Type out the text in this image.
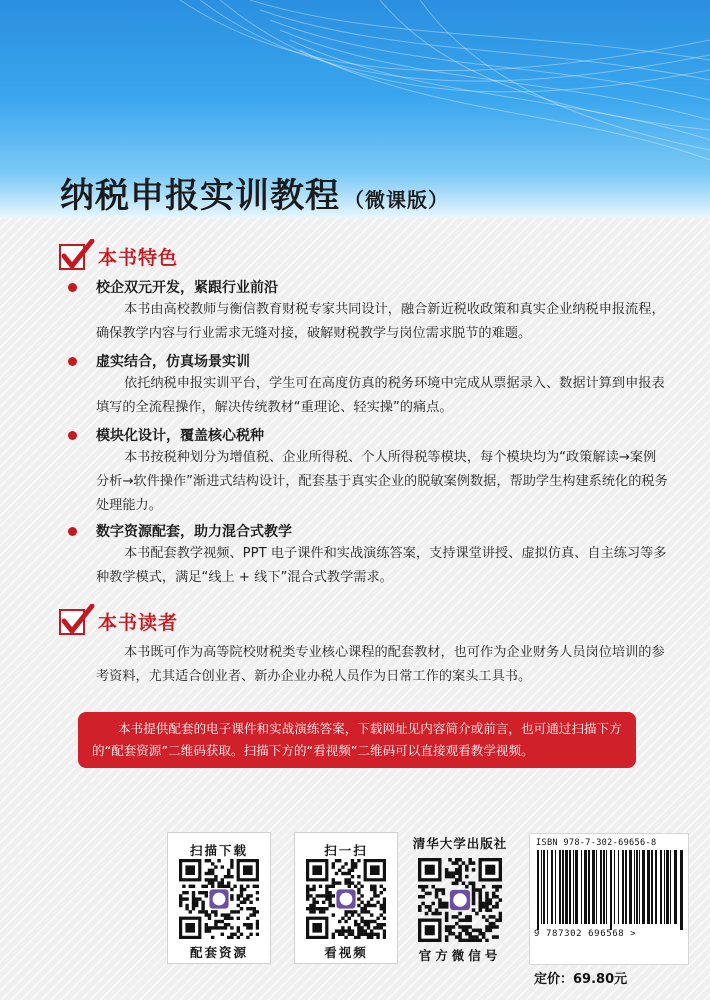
纳税申报实训教程 （微课版）
本书特色
校企双元开发，紧跟行业前沿
本书由高校教师与衡信教育财税专家共同设计，融合新近税收政策和真实企业纳税申报流程，确保教学内容与行业需求无缝对接，破解财税教学与岗位需求脱节的难题。
虚实结合，仿真场景实训
依托纳税申报实训平台，学生可在高度仿真的税务环境中完成从票据录入、数据计算到申报表填写的全流程操作，解决传统教材“重理论、轻实操”的痛点。
模块化设计，覆盖核心税种
本书按税种划分为增值税、企业所得税、个人所得税等模块，每个模块均为“政策解读→案例分析→软件操作”渐进式结构设计，配套基于真实企业的脱敏案例数据，帮助学生构建系统化的税务处理能力。
数字资源配套，助力混合式教学
本书配套教学视频、PPT 电子课件和实战演练答案，支持课堂讲授、虚拟仿真、自主练习等多种教学模式，满足“线上 + 线下”混合式教学需求。
本书读者
本书既可作为高等院校财税类专业核心课程的配套教材，也可作为企业财务人员岗位培训的参考资料，尤其适合创业者、新办企业办税人员作为日常工作的案头工具书。
本书提供配套的电子课件和实战演练答案，下载网址见内容简介或前言，也可通过扫描下方的“配套资源”二维码获取。扫描下方的“看视频”二维码可以直接观看教学视频。
扫描下载
配套资源
扫一扫
看视频
清华大学出版社
官方微信号
ISBN 978-7-302-69656-8
9 787302 696568 >
定价：69.80元
